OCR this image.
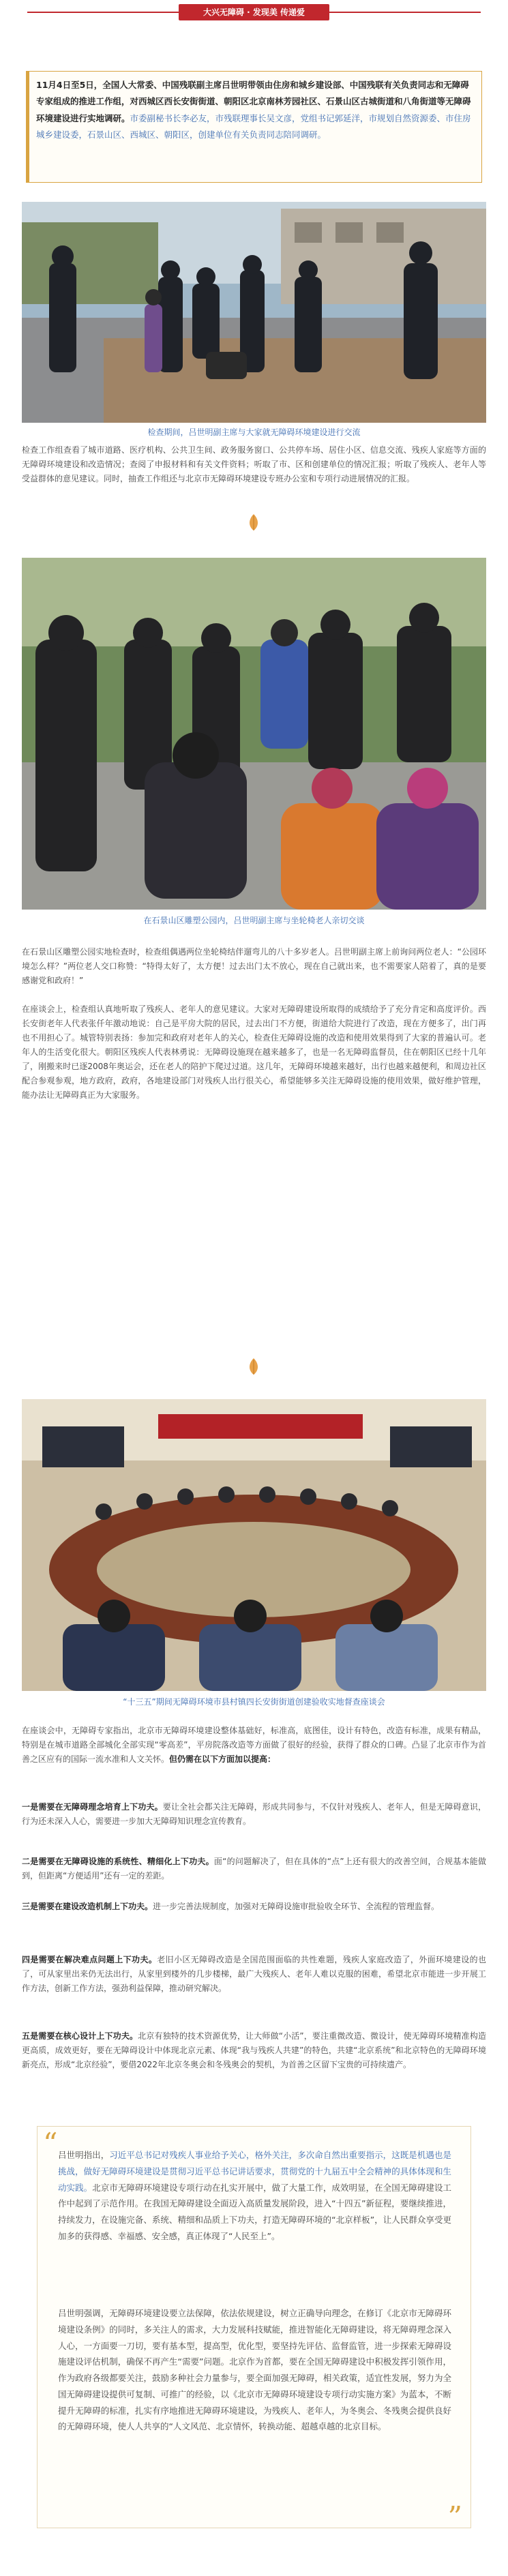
大兴无障碍 · 发现美 传递爱

11月4日至5日，全国人大常委、中国残联副主席吕世明带领由住房和城乡建设部、中国残联有关负责同志和无障碍专家组成的推进工作组，对西城区西长安街街道、朝阳区北京南林芳园社区、石景山区古城街道和八角街道等无障碍环境建设进行实地调研。市委副秘书长李必友，市残联理事长吴文彦，党组书记郭延洋，市规划自然资源委、市住房城乡建设委，石景山区、西城区、朝阳区，创建单位有关负责同志陪同调研。

检查期间，吕世明副主席与大家就无障碍环境建设进行交流
检查工作组查看了城市道路、医疗机构、公共卫生间、政务服务窗口、公共停车场、居住小区、信息交流、残疾人家庭等方面的无障碍环境建设和改造情况；查阅了申报材料和有关文件资料；听取了市、区和创建单位的情况汇报；听取了残疾人、老年人等受益群体的意见建议。同时，抽查工作组还与北京市无障碍环境建设专班办公室和专项行动进展情况的汇报。
在石景山区雕塑公园内，吕世明副主席与坐轮椅老人亲切交谈
在石景山区雕塑公园实地检查时，检查组偶遇两位坐轮椅结伴遛弯儿的八十多岁老人。吕世明副主席上前询问两位老人：“公园环境怎么样？”两位老人交口称赞：“特得太好了，太方便！过去出门太不放心，现在自己就出来，也不需要家人陪着了，真的是要感谢党和政府！”
在座谈会上，检查组认真地听取了残疾人、老年人的意见建议。大家对无障碍建设所取得的成绩给予了充分肯定和高度评价。西长安街老年人代表张仟年激动地说：自己是平房大院的居民，过去出门不方便，街道给大院进行了改造，现在方便多了，出门再也不用担心了。城管特别表扬：参加完和政府对老年人的关心，检查住无障碍设施的改造和使用效果得到了大家的普遍认可。老年人的生活变化很大。朝阳区残疾人代表林勇说：无障碍设施现在越来越多了，也是一名无障碍监督员，住在朝阳区已经十几年了，刚搬来时已逐2008年奥运会，还在老人的陪护下爬过过道。这几年，无障碍环境越来越好，出行也越来越便利，和周边社区配合参观参观，地方政府，政府，各地建设部门对残疾人出行很关心，希望能够多关注无障碍设施的使用效果，做好维护管理，能办法让无障碍真正为大家服务。
“十三五”期间无障碍环境市县村镇四长安街街道创建验收实地督查座谈会
在座谈会中，无障碍专家指出，北京市无障碍环境建设整体基础好，标准高，底图佳，设计有特色，改造有标准，成果有精品，特别是在城市道路全部城化全部实现“零高差”，平房院落改造等方面做了很好的经验，获得了群众的口碑。凸显了北京市作为首善之区应有的国际一流水准和人文关怀。但仍需在以下方面加以提高：
一是需要在无障碍理念培育上下功夫。要让全社会都关注无障碍，形成共同参与，不仅针对残疾人、老年人，但是无障碍意识，行为还未深入人心，需要进一步加大无障碍知识理念宣传教育。
二是需要在无障碍设施的系统性、精细化上下功夫。面“的问题解决了，但在具体的“点”上还有很大的改善空间，合规基本能做到，但距离“方便适用”还有一定的差距。
三是需要在建设改造机制上下功夫。进一步完善法规制度，加强对无障碍设施审批验收全环节、全流程的管理监督。
四是需要在解决难点问题上下功夫。老旧小区无障碍改造是全国范围面临的共性难题，残疾人家庭改造了，外面环境建设的也了，可从家里出来仍无法出行，从家里到楼外的几步楼梯，最广大残疾人、老年人难以克服的困难，希望北京市能进一步开展工作方法，创新工作方法，强劲利益保障，推动研究解决。
五是需要在核心设计上下功夫。北京有独特的技术资源优势，让大师做“小活”，要注重微改造、微设计，使无障碍环境精准构造更高质，成效更好，要在无障碍设计中体现北京元素、体现“我与残疾人共建”的特色，共建“北京系统”和北京特色的无障碍环境新亮点，形成“北京经验”，要借2022年北京冬奥会和冬残奥会的契机，为首善之区留下宝贵的可持续遗产。
“ 吕世明指出，习近平总书记对残疾人事业给予关心，格外关注，多次命自然出重要指示，这既是机遇也是挑战，做好无障碍环境建设是贯彻习近平总书记讲话要求，贯彻党的十九届五中全会精神的具体体现和生动实践。北京市无障碍环境建设专项行动在扎实开展中，做了大量工作，成效明显，在全国无障碍建设工作中起到了示范作用。在我国无障碍建设全面迈入高质量发展阶段，进入“十四五”新征程，要继续推进，持续发力，在设施完备、系统、精细和品质上下功夫，打造无障碍环境的“北京样板”，让人民群众享受更加多的获得感、幸福感、安全感，真正体现了“人民至上”。

吕世明强调，无障碍环境建设要立法保障，依法依规建设，树立正确导向理念，在修订《北京市无障碍环境建设条例》的同时，多关注人的需求，大力发展科技赋能，推进智能化无障碍建设，将无障碍理念深入人心，一方面要一刀切，要有基本型，提高型，优化型，要坚持先评估、监督监管，进一步探索无障碍设施建设评估机制，确保不再产生“需要”问题。北京作为首都，要在全国无障碍建设中积极发挥引领作用，作为政府各级都要关注，鼓励多种社会力量参与，要全面加强无障碍，相关政策，适宜性发展，努力为全国无障碍建设提供可复制、可推广的经验，以《北京市无障碍环境建设专项行动实施方案》为蓝本，不断提升无障碍的标准，扎实有序地推进无障碍环境建设，为残疾人、老年人，为冬奥会、冬残奥会提供良好的无障碍环境，使人人共享的“人文风范、北京情怀，转换动能、超越卓越的北京目标。

”
